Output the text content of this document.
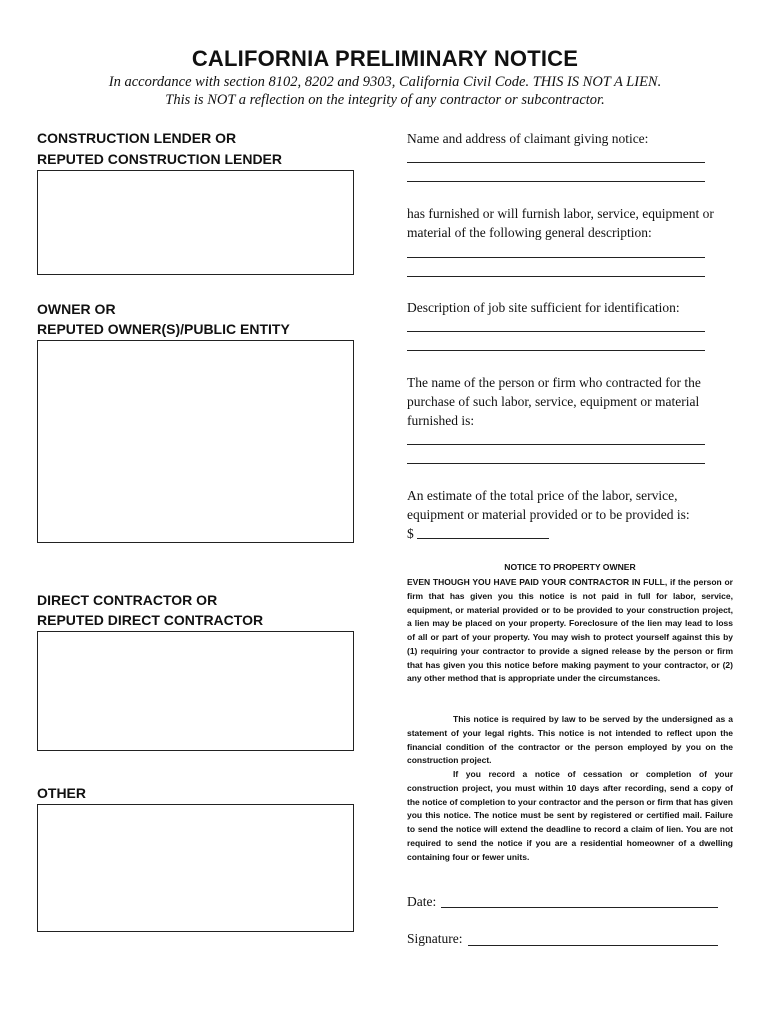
CALIFORNIA PRELIMINARY NOTICE
In accordance with section 8102, 8202 and 9303, California Civil Code. THIS IS NOT A LIEN.
This is NOT a reflection on the integrity of any contractor or subcontractor.
CONSTRUCTION LENDER OR
REPUTED CONSTRUCTION LENDER
OWNER OR
REPUTED OWNER(S)/PUBLIC ENTITY
DIRECT CONTRACTOR OR
REPUTED DIRECT CONTRACTOR
OTHER
Name and address of claimant giving notice:
has furnished or will furnish labor, service, equipment or
material of the following general description:
Description of job site sufficient for identification:
The name of the person or firm who contracted for the
purchase of such labor, service, equipment or material
furnished is:
An estimate of the total price of the labor, service,
equipment or material provided or to be provided is:
$
NOTICE TO PROPERTY OWNER

EVEN THOUGH YOU HAVE PAID YOUR CONTRACTOR IN FULL, if the person or firm that has given you this notice is not paid in full for labor, service, equipment, or material provided or to be provided to your construction project, a lien may be placed on your property. Foreclosure of the lien may lead to loss of all or part of your property. You may wish to protect yourself against this by (1) requiring your contractor to provide a signed release by the person or firm that has given you this notice before making payment to your contractor, or (2) any other method that is appropriate under the circumstances.

This notice is required by law to be served by the undersigned as a statement of your legal rights. This notice is not intended to reflect upon the financial condition of the contractor or the person employed by you on the construction project.

If you record a notice of cessation or completion of your construction project, you must within 10 days after recording, send a copy of the notice of completion to your contractor and the person or firm that has given you this notice. The notice must be sent by registered or certified mail. Failure to send the notice will extend the deadline to record a claim of lien. You are not required to send the notice if you are a residential homeowner of a dwelling containing four or fewer units.

Date:
Signature:
